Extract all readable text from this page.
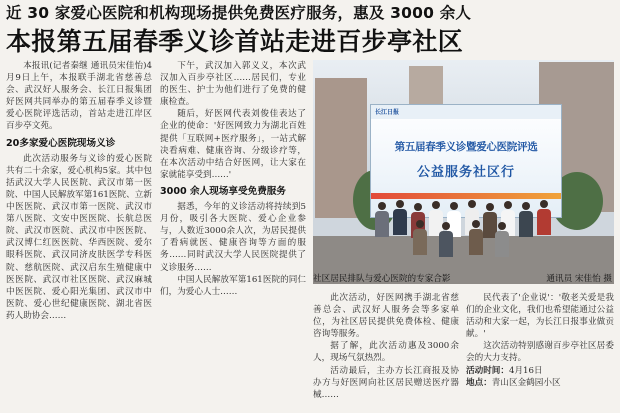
近 30 家爱心医院和机构现场提供免费医疗服务，惠及 3000 余人
本报第五届春季义诊首站走进百步亭社区

本报讯(记者秦继 通讯员宋佳怡)4月9日上午，本报联手湖北省慈善总会、武汉好人服务会、长江日报集团好医网共同举办的第五届春季义诊暨爱心医院评选活动，首站走进江岸区百步亭文苑。

20多家爱心医院现场义诊

此次活动服务与义诊的爱心医院共有二十余家，爱心机构5家。其中包括武汉大学人民医院、武汉市第一医院、中国人民解放军第161医院、立新中医医院、武汉市第一医院、武汉市第八医院、文安中医医院、长航总医院、武汉市医院、武汉市中医医院、武汉博仁红医医院、华西医院、爱尔眼科医院、武汉同济皮肤医学专科医院、慈航医院、武汉启东生殖健康中医医院、武汉市社区医院、武汉麻城中医医院、爱心阳光集团、武汉市中医院、爱心世纪健康医院、湖北省医药人助协会……

下午，武汉加入郭义义，本次武汉加入百步亭社区……居民们，专业的医生、护士为他们进行了免费的健康检查。

随后，好医网代表刘俊佳表达了企业的使命：'好医网致力为湖北百姓提供「互联网+医疗服务」，一站式解决看病难、健康咨询、分级诊疗等，在本次活动中结合好医网，让大家在家就能享受到……'

3000 余人现场享受免费服务

据悉，今年的义诊活动将持续到5月份，吸引各大医院、爱心企业参与，人数近3000余人次，为居民提供了看病就医、健康咨询等方面的服务……同时武汉大学人民医院提供了义诊服务……

中国人民解放军第161医院的同仁们，为爱心人士……

长江日报
第五届春季义诊暨爱心医院评选
公益服务社区行
社区居民排队与爱心医院的专家合影	通讯员 宋佳怡 摄

此次活动，好医网携手湖北省慈善总会、武汉好人服务会等多家单位，为社区居民提供免费体检、健康咨询等服务。

据了解，此次活动惠及3000余人，现场气氛热烈。

活动最后，主办方长江商报及协办方与好医网向社区居民赠送医疗器械……

民代表了'企业说'：'敬老关爱是我们的企业文化，我们也希望能通过公益活动和大家一起，为长江日报事业做贡献。'

这次活动特别感谢百步亭社区居委会的大力支持。

活动时间：4月16日

地点：青山区金鹤园小区
